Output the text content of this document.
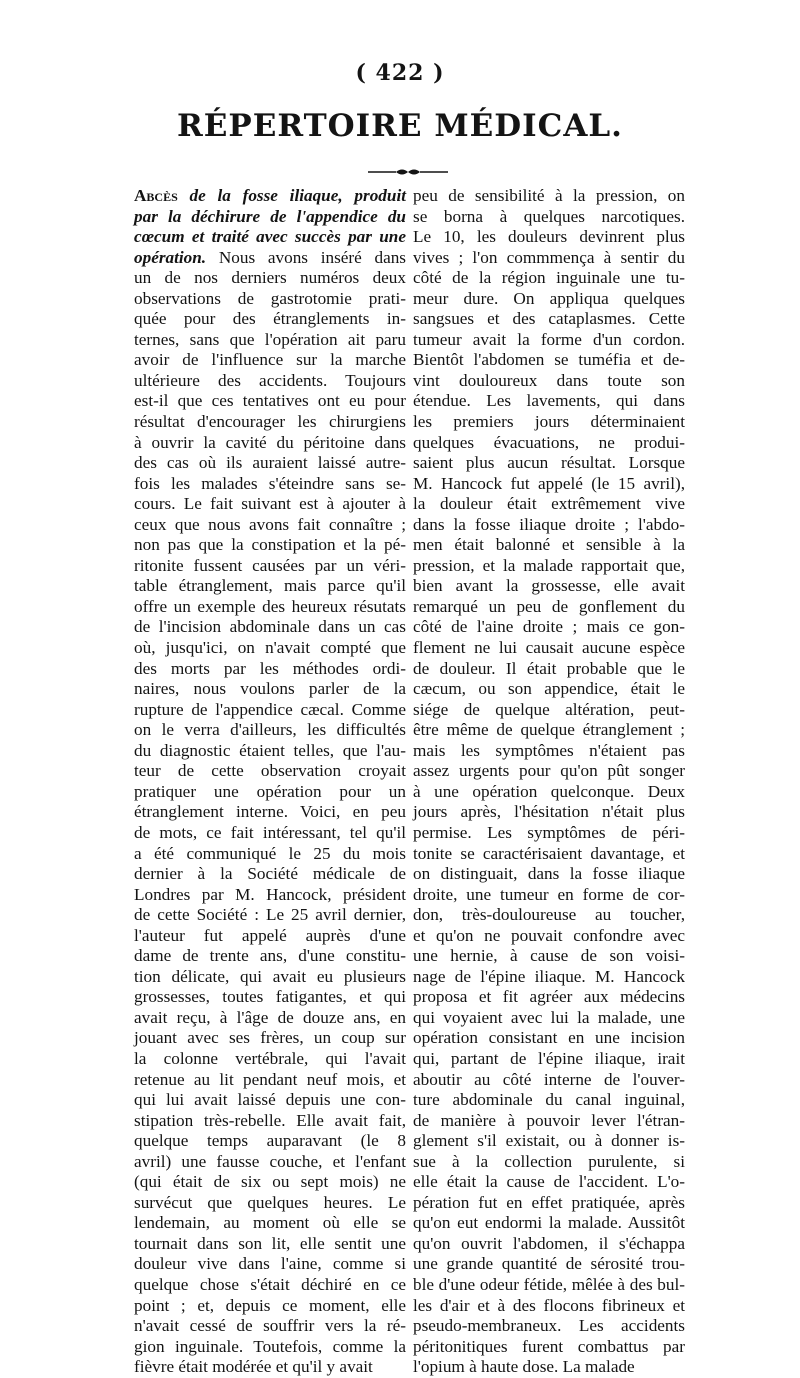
( 422 )
RÉPERTOIRE MÉDICAL.
Abcès de la fosse iliaque, produit
par la déchirure de l'appendice du
cœcum et traité avec succès par une
opération. Nous avons inséré dans
un de nos derniers numéros deux
observations de gastrotomie prati-
quée pour des étranglements in-
ternes, sans que l'opération ait paru
avoir de l'influence sur la marche
ultérieure des accidents. Toujours
est-il que ces tentatives ont eu pour
résultat d'encourager les chirurgiens
à ouvrir la cavité du péritoine dans
des cas où ils auraient laissé autre-
fois les malades s'éteindre sans se-
cours. Le fait suivant est à ajouter à
ceux que nous avons fait connaître ;
non pas que la constipation et la pé-
ritonite fussent causées par un véri-
table étranglement, mais parce qu'il
offre un exemple des heureux résutats
de l'incision abdominale dans un cas
où, jusqu'ici, on n'avait compté que
des morts par les méthodes ordi-
naires, nous voulons parler de la
rupture de l'appendice cæcal. Comme
on le verra d'ailleurs, les difficultés
du diagnostic étaient telles, que l'au-
teur de cette observation croyait
pratiquer une opération pour un
étranglement interne. Voici, en peu
de mots, ce fait intéressant, tel qu'il
a été communiqué le 25 du mois
dernier à la Société médicale de
Londres par M. Hancock, président
de cette Société : Le 25 avril dernier,
l'auteur fut appelé auprès d'une
dame de trente ans, d'une constitu-
tion délicate, qui avait eu plusieurs
grossesses, toutes fatigantes, et qui
avait reçu, à l'âge de douze ans, en
jouant avec ses frères, un coup sur
la colonne vertébrale, qui l'avait
retenue au lit pendant neuf mois, et
qui lui avait laissé depuis une con-
stipation très-rebelle. Elle avait fait,
quelque temps auparavant (le 8
avril) une fausse couche, et l'enfant
(qui était de six ou sept mois) ne
survécut que quelques heures. Le
lendemain, au moment où elle se
tournait dans son lit, elle sentit une
douleur vive dans l'aine, comme si
quelque chose s'était déchiré en ce
point ; et, depuis ce moment, elle
n'avait cessé de souffrir vers la ré-
gion inguinale. Toutefois, comme la
fièvre était modérée et qu'il y avait
peu de sensibilité à la pression, on
se borna à quelques narcotiques.
Le 10, les douleurs devinrent plus
vives ; l'on commmença à sentir du
côté de la région inguinale une tu-
meur dure. On appliqua quelques
sangsues et des cataplasmes. Cette
tumeur avait la forme d'un cordon.
Bientôt l'abdomen se tuméfia et de-
vint douloureux dans toute son
étendue. Les lavements, qui dans
les premiers jours déterminaient
quelques évacuations, ne produi-
saient plus aucun résultat. Lorsque
M. Hancock fut appelé (le 15 avril),
la douleur était extrêmement vive
dans la fosse iliaque droite ; l'abdo-
men était balonné et sensible à la
pression, et la malade rapportait que,
bien avant la grossesse, elle avait
remarqué un peu de gonflement du
côté de l'aine droite ; mais ce gon-
flement ne lui causait aucune espèce
de douleur. Il était probable que le
cæcum, ou son appendice, était le
siége de quelque altération, peut-
être même de quelque étranglement ;
mais les symptômes n'étaient pas
assez urgents pour qu'on pût songer
à une opération quelconque. Deux
jours après, l'hésitation n'était plus
permise. Les symptômes de péri-
tonite se caractérisaient davantage, et
on distinguait, dans la fosse iliaque
droite, une tumeur en forme de cor-
don, très-douloureuse au toucher,
et qu'on ne pouvait confondre avec
une hernie, à cause de son voisi-
nage de l'épine iliaque. M. Hancock
proposa et fit agréer aux médecins
qui voyaient avec lui la malade, une
opération consistant en une incision
qui, partant de l'épine iliaque, irait
aboutir au côté interne de l'ouver-
ture abdominale du canal inguinal,
de manière à pouvoir lever l'étran-
glement s'il existait, ou à donner is-
sue à la collection purulente, si
elle était la cause de l'accident. L'o-
pération fut en effet pratiquée, après
qu'on eut endormi la malade. Aussitôt
qu'on ouvrit l'abdomen, il s'échappa
une grande quantité de sérosité trou-
ble d'une odeur fétide, mêlée à des bul-
les d'air et à des flocons fibrineux et
pseudo-membraneux. Les accidents
péritonitiques furent combattus par
l'opium à haute dose. La malade
